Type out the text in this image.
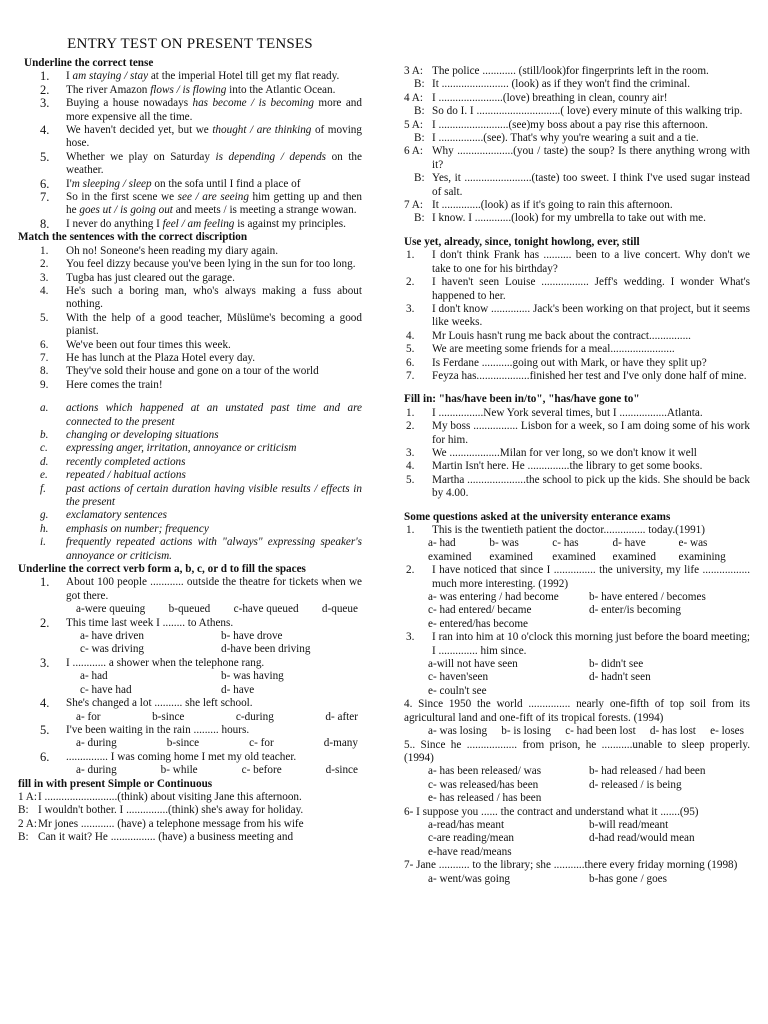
ENTRY TEST ON PRESENT TENSES
Underline the correct tense
1. I am staying / stay at the imperial Hotel till get my flat ready.
2. The river Amazon flows / is flowing into the Atlantic Ocean.
3. Buying a house nowadays has become / is becoming more and more expensive all the time.
4. We haven't decided yet, but we thought / are thinking of moving hose.
5. Whether we play on Saturday is depending / depends on the weather.
6. I'm sleeping / sleep on the sofa until I find a place of
7. So in the first scene we see / are seeing him getting up and then he goes ut / is going out and meets / is meeting a strange wowan.
8. I never do anything I feel / am feeling is against my principles.
Match the sentences with the correct discription
1. Oh no! Soneone's heen reading my diary again.
2. You feel dizzy because you've been lying in the sun for too long.
3. Tugba has just cleared out the garage.
4. He's such a boring man, who's always making a fuss about nothing.
5. With the help of a good teacher, Müslüme's becoming a good pianist.
6. We've been out four times this week.
7. He has lunch at the Plaza Hotel every day.
8. They've sold their house and gone on a tour of the world
9. Here comes the train!
a. actions which happened at an unstated past time and are connected to the present
b. changing or developing situations
c. expressing anger, irritation, annoyance or criticism
d. recently completed actions
e. repeated / habitual actions
f. past actions of certain duration having visible results / effects in the present
g. exclamatory sentences
h. emphasis on number; frequency
i. frequently repeated actions with "always" expressing speaker's annoyance or criticism.
Underline the correct verb form a, b, c, or d to fill the spaces
1. About 100 people ............ outside the theatre for tickets when we got there.
a-were queuing b-queued c-have queued d-queue
2. This time last week I ........ to Athens.
a- have driven	b- have drove
c- was driving	d-have been driving
3. I ............ a shower when the telephone rang.
a- had	b- was having
c- have had	d- have
4. She's changed a lot .......... she left school.
a- for	b-since	c-during	d- after
5. I've been waiting in the rain ......... hours.
a- during	b-since	c- for	d-many
6. ............... I was coming home I met my old teacher.
a- during	b- while	c- before	d-since
fill in with present Simple or Continuous
1 A: I ..........................(think) about visiting Jane this afternoon.
B: I wouldn't bother. I ...............(think) she's away for holiday.
2 A: Mr jones ............ (have) a telephone message from his wife
B: Can it wait? He ................ (have) a business meeting and
3 A: The police ............ (still/look)for fingerprints left in the room.
B: It ........................ (look) as if they won't find the criminal.
4 A: I .......................(love) breathing in clean, counry air!
B: So do I. I ..............................( love) every minute of this walking trip.
5 A: I .........................(see)my boss about a pay rise this afternoon.
B: I ................(see). That's why you're wearing a suit and a tie.
6 A: Why ....................(you / taste) the soup? Is there anything wrong with it?
B: Yes, it ........................(taste) too sweet. I think I've used sugar instead of salt.
7 A: It ..............(look) as if it's going to rain this afternoon.
B: I know. I .............(look) for my umbrella to take out with me.
Use yet, already, since, tonight howlong, ever, still
1. I don't think Frank has .......... been to a live concert. Why don't we take to one for his birthday?
2. I haven't seen Louise ................. Jeff's wedding. I wonder What's happened to her.
3. I don't know .............. Jack's been working on that project, but it seems like weeks.
4. Mr Louis hasn't rung me back about the contract...............
5. We are meeting some friends for a meal.......................
6. Is Ferdane ...........going out with Mark, or have they split up?
7. Feyza has...................finished her test and I've only done half of mine.
Fill in: "has/have been in/to", "has/have gone to"
1. I ................New York several times, but I .................Atlanta.
2. My boss ................ Lisbon for a week, so I am doing some of his work for him.
3. We ..................Milan for ver long, so we don't know it well
4. Martin Isn't here. He ...............the library to get some books.
5. Martha .....................the school to pick up the kids. She should be back by 4.00.
Some questions asked at the university enterance exams
1. This is the twentieth patient the doctor............... today.(1991)
a- had examined
b- was examined
c- has examined
d- have examined
e- was examining
2. I have noticed that since I ............... the university, my life ................. much more interesting. (1992)
a- was entering / had become	b- have entered / becomes
c- had entered/ became	d- enter/is becoming
e- entered/has become
3. I ran into him at 10 o'clock this morning just before the board meeting; I .............. him since.
a-will not have seen	b- didn't see
c- haven'seen	d- hadn't seen
e- couln't see
4. Since 1950 the world ............... nearly one-fifth of top soil from its agricultural land and one-fift of its tropical forests. (1994)
a- was losing b- is losing c- had been lost d- has lost e- loses
5.. Since he .................. from prison, he ...........unable to sleep properly. (1994)
a- has been released/ was	b- had released / had been
c- was released/has been	d- released / is being
e- has released / has been
6- I suppose you ...... the contract and understand what it .......(95)
a-read/has meant	b-will read/meant
c-are reading/mean	d-had read/would mean
e-have read/means
7- Jane ........... to the library; she ...........there every friday morning (1998)
a- went/was going	b-has gone / goes
